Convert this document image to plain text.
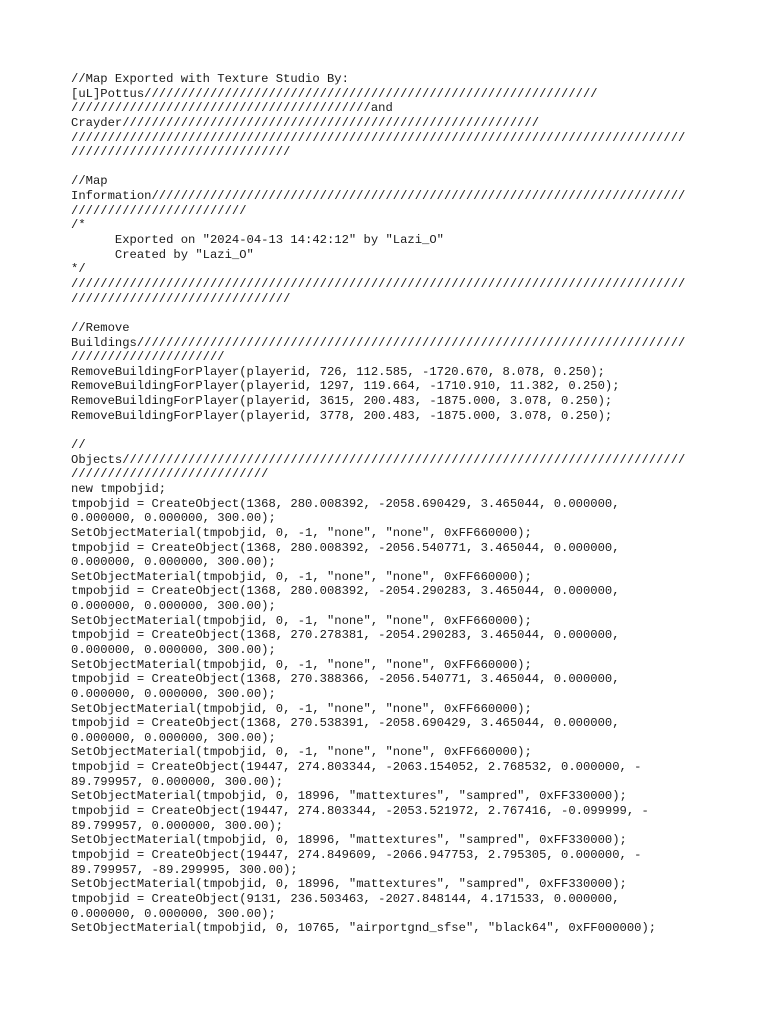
//Map Exported with Texture Studio By:
[uL]Pottus//////////////////////////////////////////////////////////////
/////////////////////////////////////////and
Crayder/////////////////////////////////////////////////////////
////////////////////////////////////////////////////////////////////////////////////
//////////////////////////////
//Map
Information/////////////////////////////////////////////////////////////////////////
////////////////////////
/*
Exported on "2024-04-13 14:42:12" by "Lazi_O"
Created by "Lazi_O"
*/
////////////////////////////////////////////////////////////////////////////////////
//////////////////////////////
//Remove
Buildings///////////////////////////////////////////////////////////////////////////
/////////////////////
RemoveBuildingForPlayer(playerid, 726, 112.585, -1720.670, 8.078, 0.250);
RemoveBuildingForPlayer(playerid, 1297, 119.664, -1710.910, 11.382, 0.250);
RemoveBuildingForPlayer(playerid, 3615, 200.483, -1875.000, 3.078, 0.250);
RemoveBuildingForPlayer(playerid, 3778, 200.483, -1875.000, 3.078, 0.250);
//
Objects/////////////////////////////////////////////////////////////////////////////
///////////////////////////
new tmpobjid;
tmpobjid = CreateObject(1368, 280.008392, -2058.690429, 3.465044, 0.000000,
0.000000, 0.000000, 300.00);
SetObjectMaterial(tmpobjid, 0, -1, "none", "none", 0xFF660000);
tmpobjid = CreateObject(1368, 280.008392, -2056.540771, 3.465044, 0.000000,
0.000000, 0.000000, 300.00);
SetObjectMaterial(tmpobjid, 0, -1, "none", "none", 0xFF660000);
tmpobjid = CreateObject(1368, 280.008392, -2054.290283, 3.465044, 0.000000,
0.000000, 0.000000, 300.00);
SetObjectMaterial(tmpobjid, 0, -1, "none", "none", 0xFF660000);
tmpobjid = CreateObject(1368, 270.278381, -2054.290283, 3.465044, 0.000000,
0.000000, 0.000000, 300.00);
SetObjectMaterial(tmpobjid, 0, -1, "none", "none", 0xFF660000);
tmpobjid = CreateObject(1368, 270.388366, -2056.540771, 3.465044, 0.000000,
0.000000, 0.000000, 300.00);
SetObjectMaterial(tmpobjid, 0, -1, "none", "none", 0xFF660000);
tmpobjid = CreateObject(1368, 270.538391, -2058.690429, 3.465044, 0.000000,
0.000000, 0.000000, 300.00);
SetObjectMaterial(tmpobjid, 0, -1, "none", "none", 0xFF660000);
tmpobjid = CreateObject(19447, 274.803344, -2063.154052, 2.768532, 0.000000, -
89.799957, 0.000000, 300.00);
SetObjectMaterial(tmpobjid, 0, 18996, "mattextures", "sampred", 0xFF330000);
tmpobjid = CreateObject(19447, 274.803344, -2053.521972, 2.767416, -0.099999, -
89.799957, 0.000000, 300.00);
SetObjectMaterial(tmpobjid, 0, 18996, "mattextures", "sampred", 0xFF330000);
tmpobjid = CreateObject(19447, 274.849609, -2066.947753, 2.795305, 0.000000, -
89.799957, -89.299995, 300.00);
SetObjectMaterial(tmpobjid, 0, 18996, "mattextures", "sampred", 0xFF330000);
tmpobjid = CreateObject(9131, 236.503463, -2027.848144, 4.171533, 0.000000,
0.000000, 0.000000, 300.00);
SetObjectMaterial(tmpobjid, 0, 10765, "airportgnd_sfse", "black64", 0xFF000000);
